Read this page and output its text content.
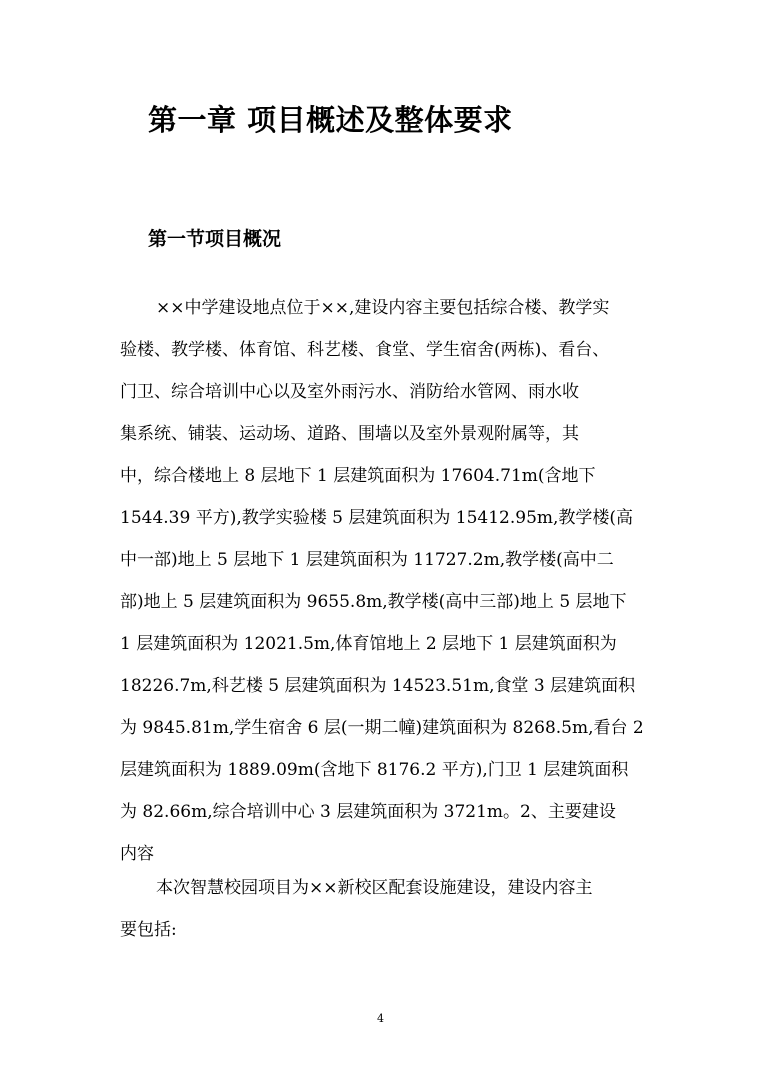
第一章 项目概述及整体要求
第一节项目概况
××中学建设地点位于××,建设内容主要包括综合楼、教学实
验楼、教学楼、体育馆、科艺楼、食堂、学生宿舍(两栋)、看台、
门卫、综合培训中心以及室外雨污水、消防给水管网、雨水收
集系统、铺装、运动场、道路、围墙以及室外景观附属等，其
中，综合楼地上 8 层地下 1 层建筑面积为 17604.71m(含地下
1544.39 平方),教学实验楼 5 层建筑面积为 15412.95m,教学楼(高
中一部)地上 5 层地下 1 层建筑面积为 11727.2m,教学楼(高中二
部)地上 5 层建筑面积为 9655.8m,教学楼(高中三部)地上 5 层地下
1 层建筑面积为 12021.5m,体育馆地上 2 层地下 1 层建筑面积为
18226.7m,科艺楼 5 层建筑面积为 14523.51m,食堂 3 层建筑面积
为 9845.81m,学生宿舍 6 层(一期二幢)建筑面积为 8268.5m,看台 2
层建筑面积为 1889.09m(含地下 8176.2 平方),门卫 1 层建筑面积
为 82.66m,综合培训中心 3 层建筑面积为 3721m。2、主要建设
内容
本次智慧校园项目为××新校区配套设施建设，建设内容主
要包括:
4
